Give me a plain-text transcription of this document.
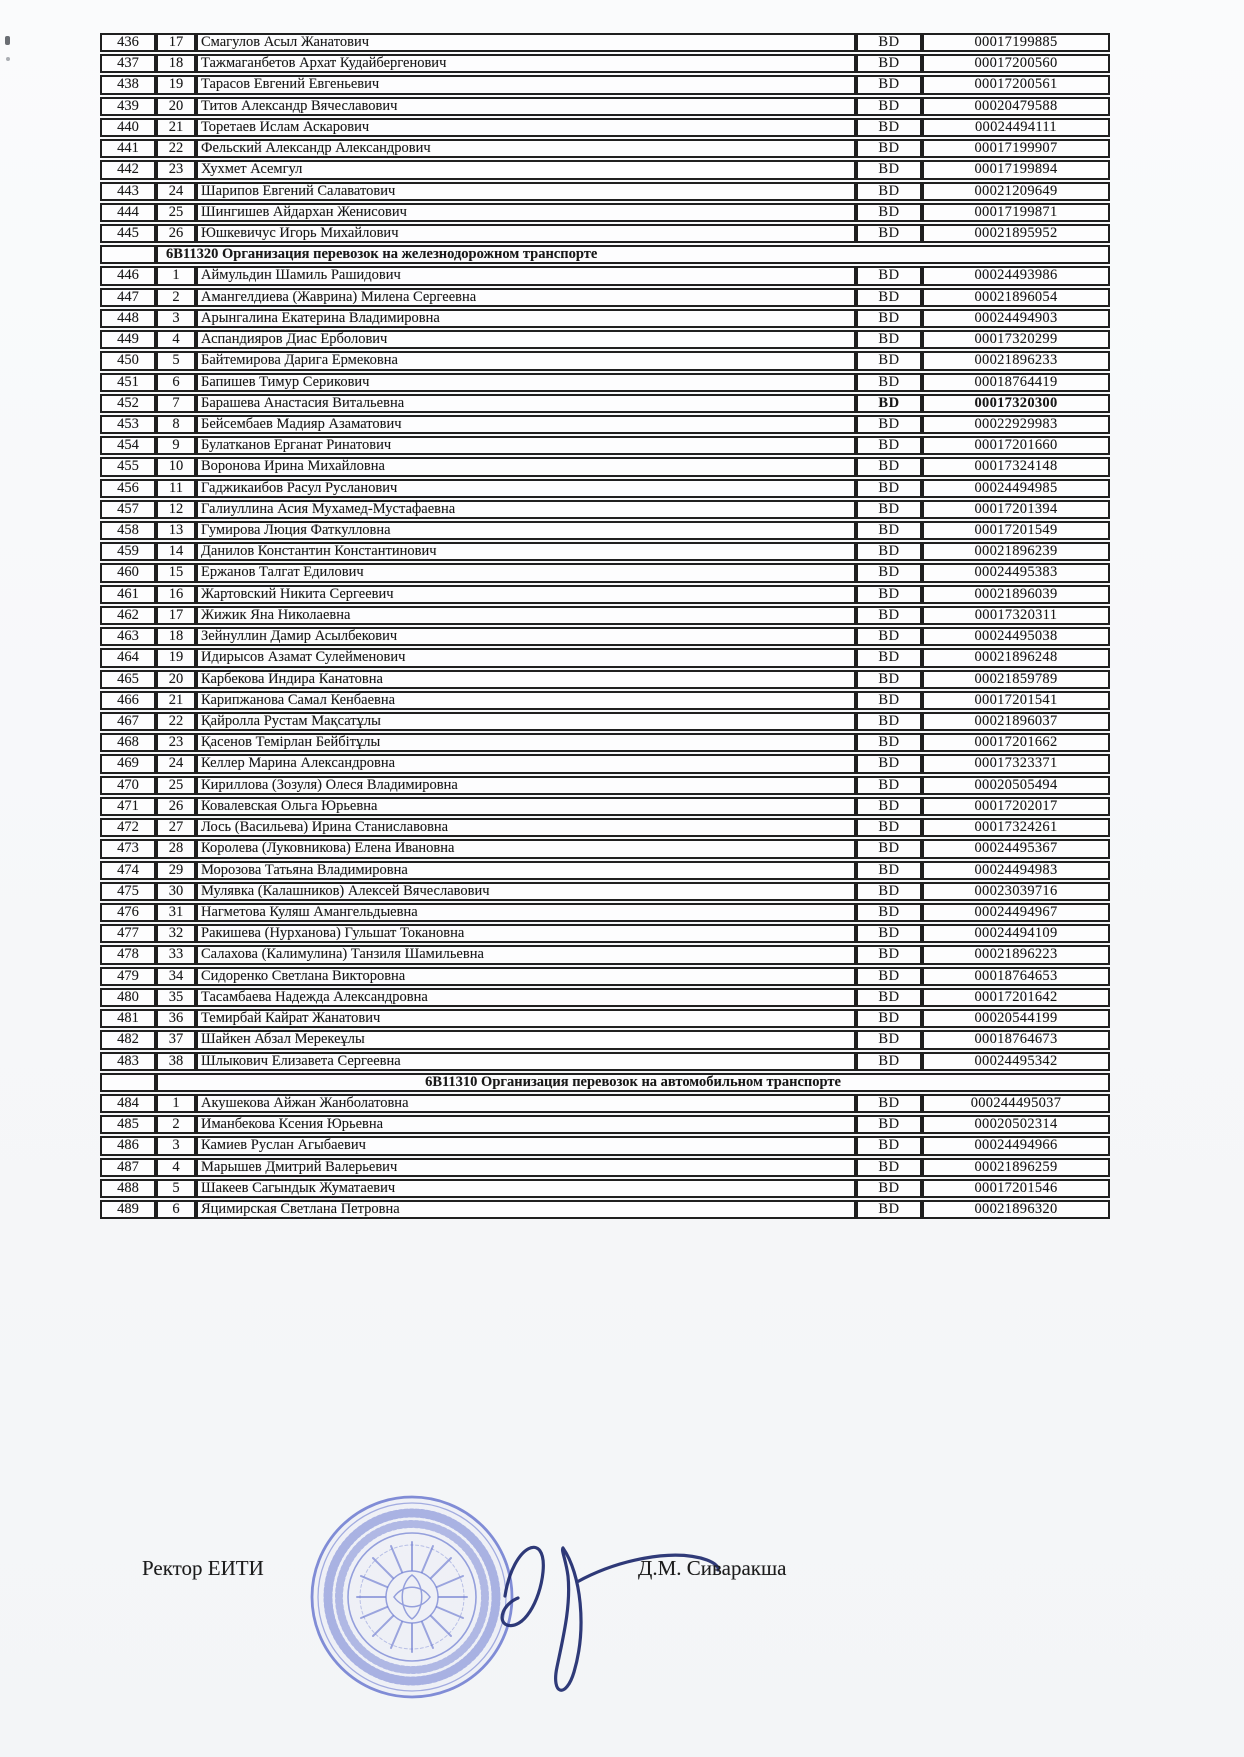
436	17	Смагулов Асыл Жанатович	BD	00017199885
437	18	Тажмаганбетов Архат Кудайбергенович	BD	00017200560
438	19	Тарасов Евгений Евгеньевич	BD	00017200561
439	20	Титов Александр Вячеславович	BD	00020479588
440	21	Торетаев Ислам Аскарович	BD	00024494111
441	22	Фельский Александр Александрович	BD	00017199907
442	23	Хухмет Асемгул	BD	00017199894
443	24	Шарипов Евгений Салаватович	BD	00021209649
444	25	Шингишев Айдархан Женисович	BD	00017199871
445	26	Юшкевичус Игорь Михайлович	BD	00021895952
	6В11320 Организация перевозок на железнодорожном транспорте			
446	1	Аймульдин Шамиль Рашидович	BD	00024493986
447	2	Амангелдиева (Жаврина) Милена Сергеевна	BD	00021896054
448	3	Арынгалина Екатерина Владимировна	BD	00024494903
449	4	Аспандияров Диас Ерболович	BD	00017320299
450	5	Байтемирова Дарига Ермековна	BD	00021896233
451	6	Бапишев Тимур Серикович	BD	00018764419
452	7	Барашева Анастасия Витальевна	BD	00017320300
453	8	Бейсембаев Мадияр Азаматович	BD	00022929983
454	9	Булатканов Ерганат Ринатович	BD	00017201660
455	10	Воронова Ирина Михайловна	BD	00017324148
456	11	Гаджикаибов Расул Русланович	BD	00024494985
457	12	Галиуллина Асия Мухамед-Мустафаевна	BD	00017201394
458	13	Гумирова Люция Фаткулловна	BD	00017201549
459	14	Данилов Константин Константинович	BD	00021896239
460	15	Ержанов Талгат Едилович	BD	00024495383
461	16	Жартовский Никита Сергеевич	BD	00021896039
462	17	Жижик Яна Николаевна	BD	00017320311
463	18	Зейнуллин Дамир Асылбекович	BD	00024495038
464	19	Идирысов Азамат Сулейменович	BD	00021896248
465	20	Карбекова Индира Канатовна	BD	00021859789
466	21	Карипжанова Самал Кенбаевна	BD	00017201541
467	22	Қайролла Рустам Мақсатұлы	BD	00021896037
468	23	Қасенов Темірлан Бейбітұлы	BD	00017201662
469	24	Келлер Марина Александровна	BD	00017323371
470	25	Кириллова (Зозуля) Олеся Владимировна	BD	00020505494
471	26	Ковалевская Ольга Юрьевна	BD	00017202017
472	27	Лось (Васильева) Ирина Станиславовна	BD	00017324261
473	28	Королева (Луковникова) Елена Ивановна	BD	00024495367
474	29	Морозова Татьяна Владимировна	BD	00024494983
475	30	Мулявка (Калашников) Алексей Вячеславович	BD	00023039716
476	31	Нагметова Куляш Амангельдыевна	BD	00024494967
477	32	Ракишева (Нурханова) Гульшат Токановна	BD	00024494109
478	33	Салахова (Калимулина) Танзиля Шамильевна	BD	00021896223
479	34	Сидоренко Светлана Викторовна	BD	00018764653
480	35	Тасамбаева Надежда Александровна	BD	00017201642
481	36	Темирбай Кайрат Жанатович	BD	00020544199
482	37	Шайкен Абзал Мерекеұлы	BD	00018764673
483	38	Шлыкович Елизавета Сергеевна	BD	00024495342
	6В11310 Организация перевозок на автомобильном транспорте			
484	1	Акушекова Айжан Жанболатовна	BD	000244495037
485	2	Иманбекова Ксения Юрьевна	BD	00020502314
486	3	Камиев Руслан Агыбаевич	BD	00024494966
487	4	Марышев Дмитрий Валерьевич	BD	00021896259
488	5	Шакеев Сагындык Жуматаевич	BD	00017201546
489	6	Яцимирская Светлана Петровна	BD	00021896320
Ректор ЕИТИ	Д.М. Сиваракша
